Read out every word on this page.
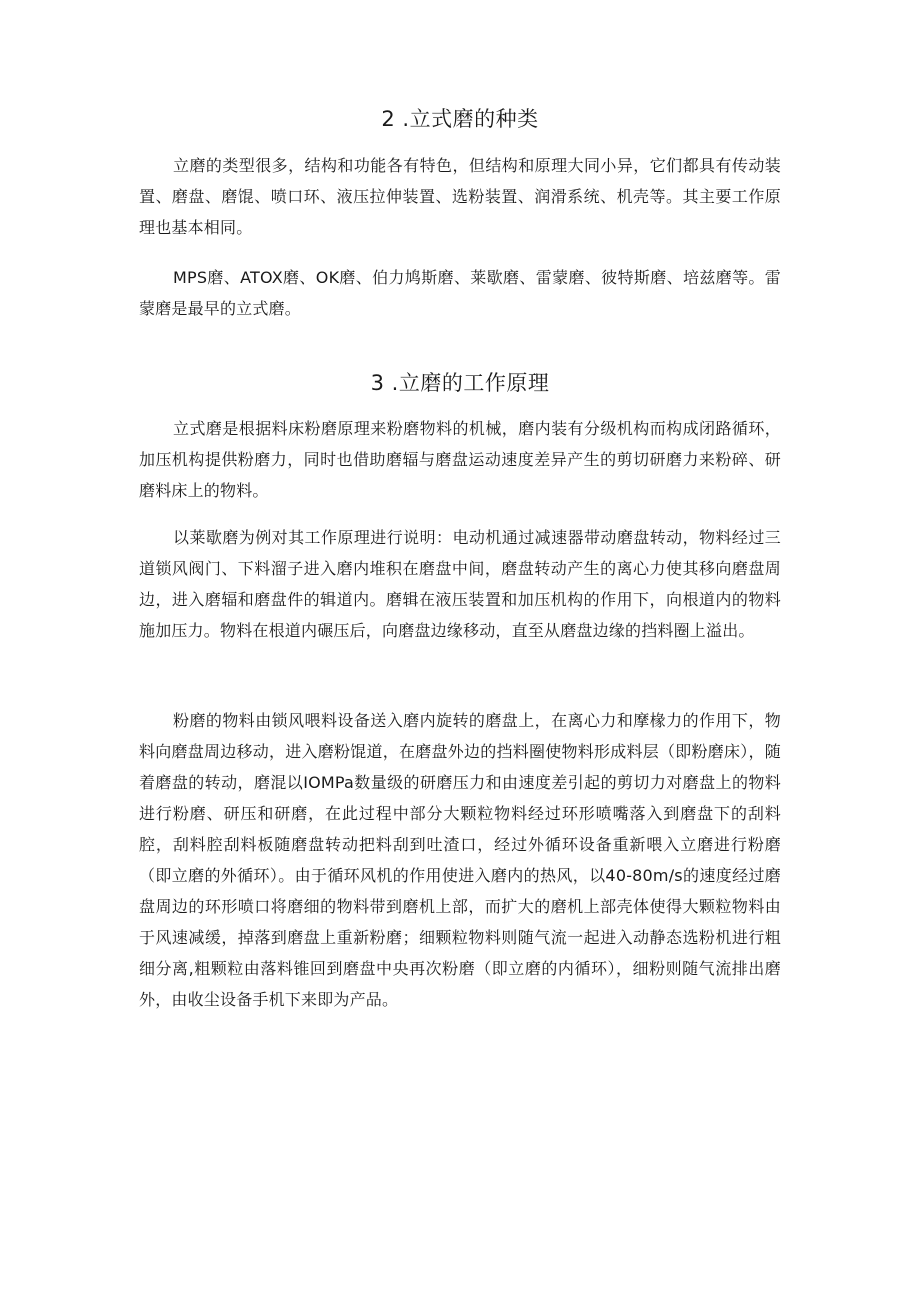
2 .立式磨的种类

立磨的类型很多，结构和功能各有特色，但结构和原理大同小异，它们都具有传动装置、磨盘、磨馄、喷口环、液压拉伸装置、选粉装置、润滑系统、机壳等。其主要工作原理也基本相同。

MPS磨、ATOX磨、OK磨、伯力鸠斯磨、莱歇磨、雷蒙磨、彼特斯磨、培兹磨等。雷蒙磨是最早的立式磨。

3 .立磨的工作原理

立式磨是根据料床粉磨原理来粉磨物料的机械，磨内装有分级机构而构成闭路循环，加压机构提供粉磨力，同时也借助磨辐与磨盘运动速度差异产生的剪切研磨力来粉碎、研磨料床上的物料。

以莱歇磨为例对其工作原理进行说明：电动机通过减速器带动磨盘转动，物料经过三道锁风阀门、下料溜子进入磨内堆积在磨盘中间，磨盘转动产生的离心力使其移向磨盘周边，进入磨辐和磨盘件的辑道内。磨辑在液压装置和加压机构的作用下，向根道内的物料施加压力。物料在根道内碾压后，向磨盘边缘移动，直至从磨盘边缘的挡料圈上溢出。

粉磨的物料由锁风喂料设备送入磨内旋转的磨盘上，在离心力和摩椽力的作用下，物料向磨盘周边移动，进入磨粉馄道，在磨盘外边的挡料圈使物料形成料层（即粉磨床），随着磨盘的转动，磨混以IOMPa数量级的研磨压力和由速度差引起的剪切力对磨盘上的物料进行粉磨、研压和研磨，在此过程中部分大颗粒物料经过环形喷嘴落入到磨盘下的刮料腔，刮料腔刮料板随磨盘转动把料刮到吐渣口，经过外循环设备重新喂入立磨进行粉磨（即立磨的外循环）。由于循环风机的作用使进入磨内的热风，以40-80m∕s的速度经过磨盘周边的环形喷口将磨细的物料带到磨机上部，而扩大的磨机上部壳体使得大颗粒物料由于风速减缓，掉落到磨盘上重新粉磨；细颗粒物料则随气流一起进入动静态选粉机进行粗细分离,粗颗粒由落料锥回到磨盘中央再次粉磨（即立磨的内循环），细粉则随气流排出磨外，由收尘设备手机下来即为产品。
